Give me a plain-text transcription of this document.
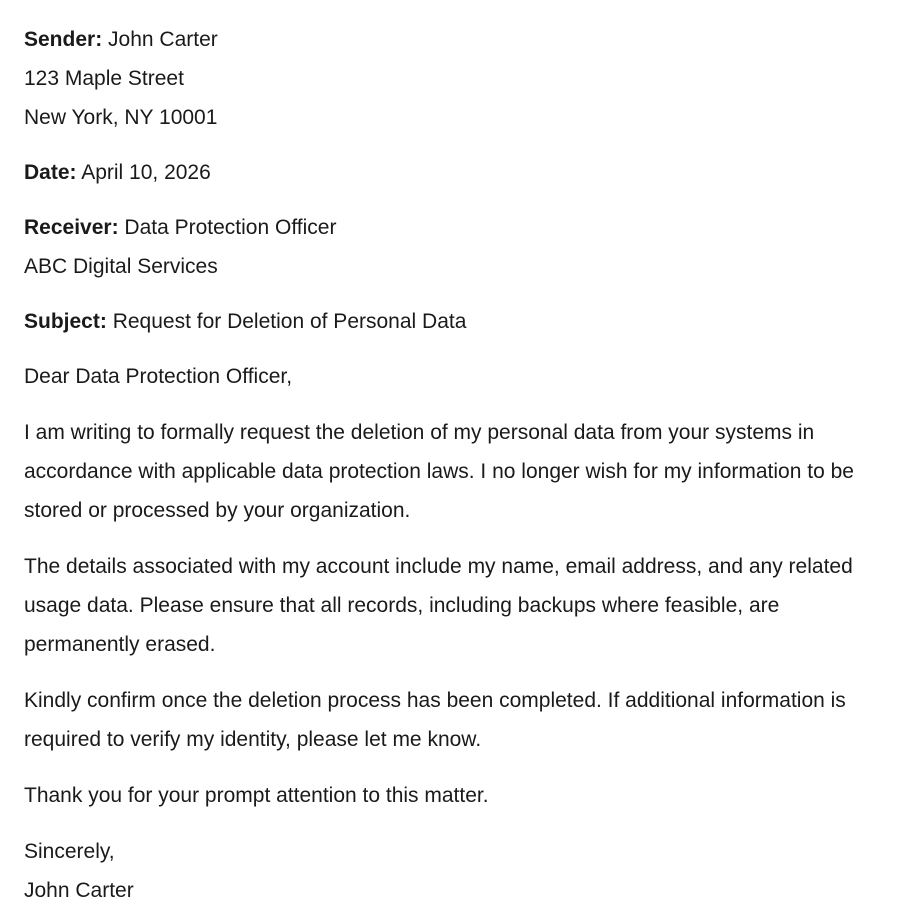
Sender: John Carter
123 Maple Street
New York, NY 10001
Date: April 10, 2026
Receiver: Data Protection Officer
ABC Digital Services
Subject: Request for Deletion of Personal Data

Dear Data Protection Officer,

I am writing to formally request the deletion of my personal data from your systems in accordance with applicable data protection laws. I no longer wish for my information to be stored or processed by your organization.

The details associated with my account include my name, email address, and any related usage data. Please ensure that all records, including backups where feasible, are permanently erased.

Kindly confirm once the deletion process has been completed. If additional information is required to verify my identity, please let me know.

Thank you for your prompt attention to this matter.

Sincerely,
John Carter
